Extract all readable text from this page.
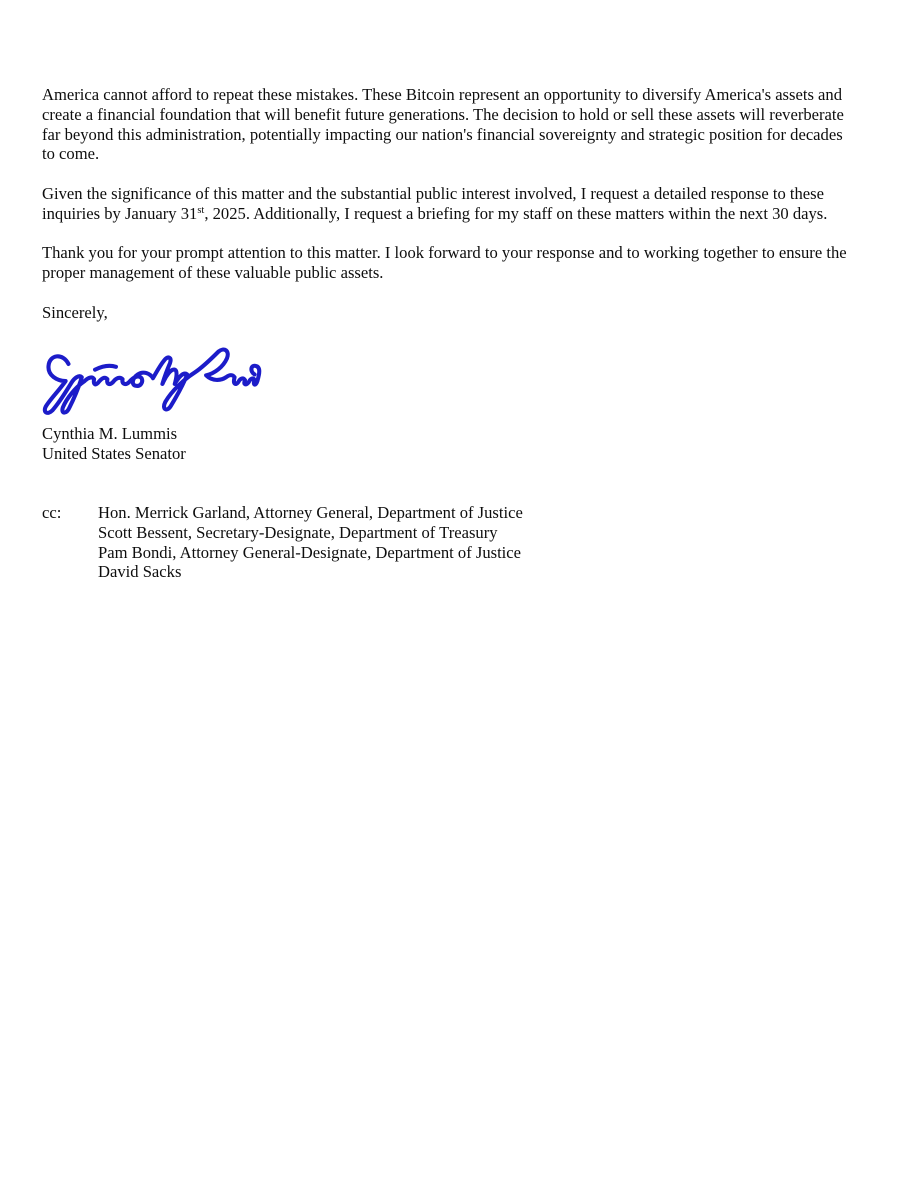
America cannot afford to repeat these mistakes. These Bitcoin represent an opportunity to diversify America's assets and
create a financial foundation that will benefit future generations. The decision to hold or sell these assets will reverberate
far beyond this administration, potentially impacting our nation's financial sovereignty and strategic position for decades
to come.
Given the significance of this matter and the substantial public interest involved, I request a detailed response to these
inquiries by January 31st, 2025. Additionally, I request a briefing for my staff on these matters within the next 30 days.
Thank you for your prompt attention to this matter. I look forward to your response and to working together to ensure the
proper management of these valuable public assets.
Sincerely,
Cynthia M. Lummis
United States Senator
cc:	Hon. Merrick Garland, Attorney General, Department of Justice
Scott Bessent, Secretary-Designate, Department of Treasury
Pam Bondi, Attorney General-Designate, Department of Justice
David Sacks
